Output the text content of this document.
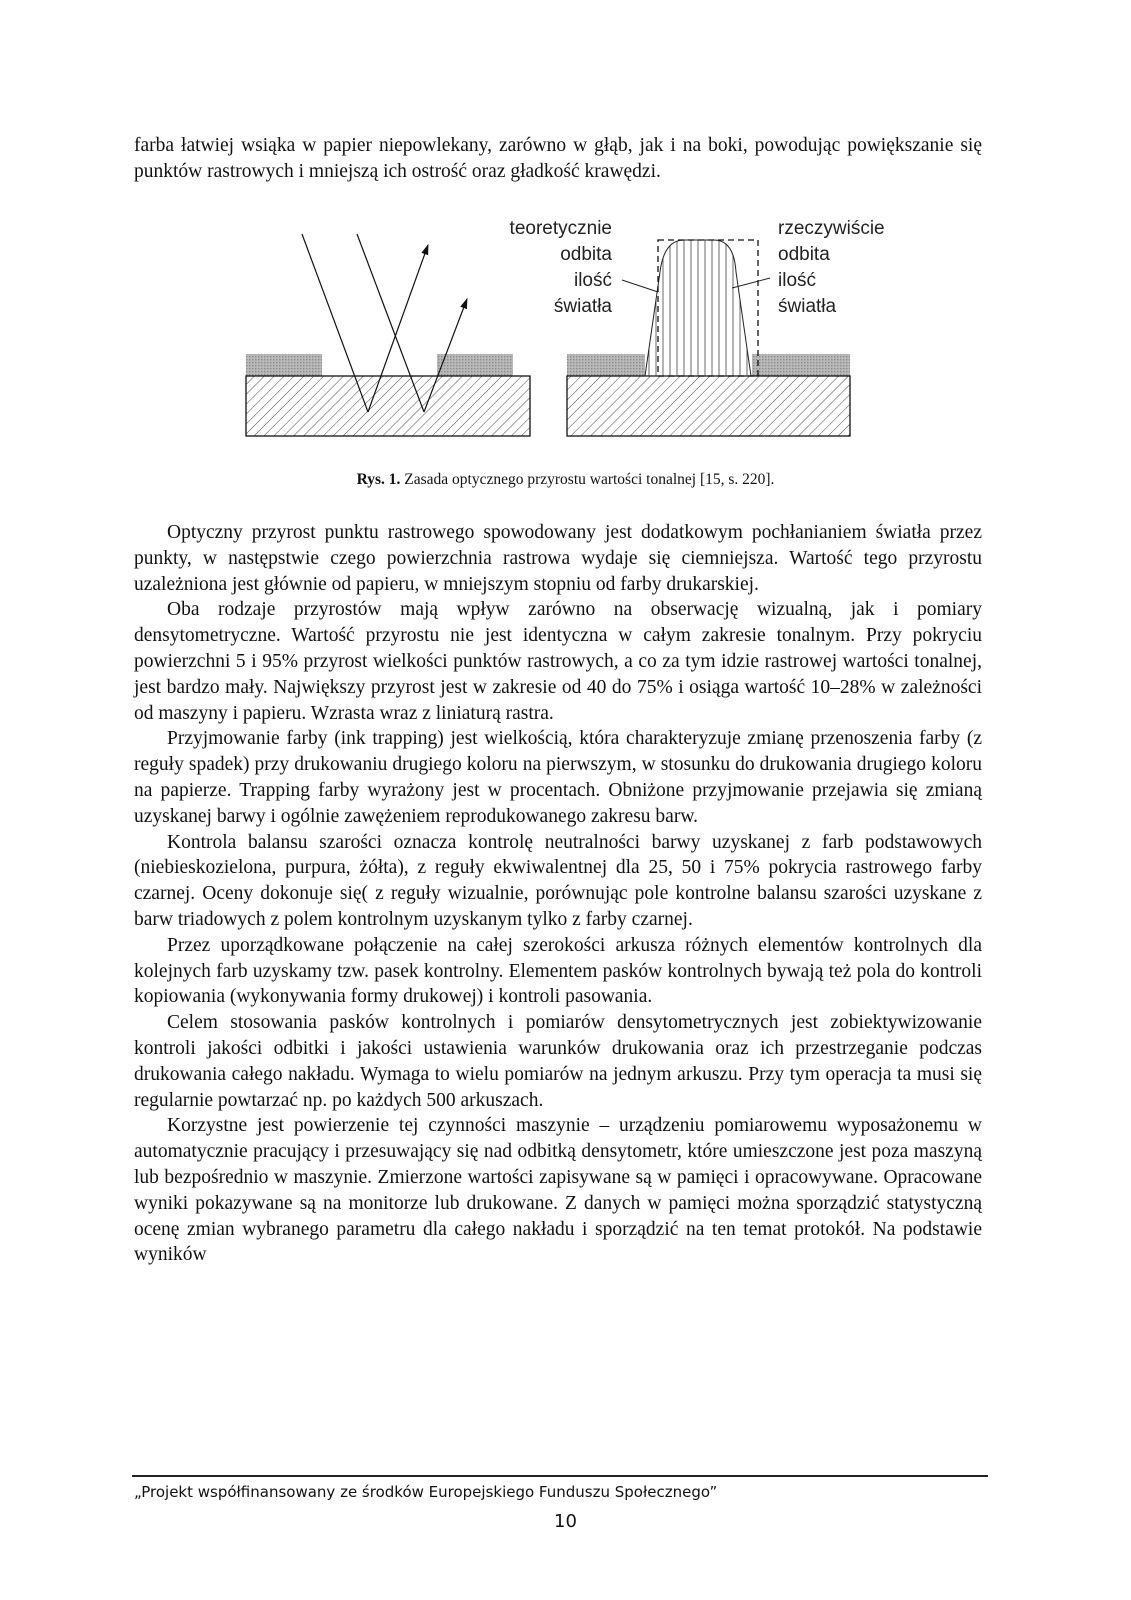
farba łatwiej wsiąka w papier niepowlekany, zarówno w głąb, jak i na boki, powodując powiększanie się punktów rastrowych i mniejszą ich ostrość oraz gładkość krawędzi.

teoretycznie
odbita
ilość
światła
rzeczywiście
odbita
ilość
światła
Rys. 1. Zasada optycznego przyrostu wartości tonalnej [15, s. 220].

Optyczny przyrost punktu rastrowego spowodowany jest dodatkowym pochłanianiem światła przez punkty, w następstwie czego powierzchnia rastrowa wydaje się ciemniejsza. Wartość tego przyrostu uzależniona jest głównie od papieru, w mniejszym stopniu od farby drukarskiej.

Oba rodzaje przyrostów mają wpływ zarówno na obserwację wizualną, jak i pomiary densytometryczne. Wartość przyrostu nie jest identyczna w całym zakresie tonalnym. Przy pokryciu powierzchni 5 i 95% przyrost wielkości punktów rastrowych, a co za tym idzie rastrowej wartości tonalnej, jest bardzo mały. Największy przyrost jest w zakresie od 40 do 75% i osiąga wartość 10–28% w zależności od maszyny i papieru. Wzrasta wraz z liniaturą rastra.

Przyjmowanie farby (ink trapping) jest wielkością, która charakteryzuje zmianę przenoszenia farby (z reguły spadek) przy drukowaniu drugiego koloru na pierwszym, w stosunku do drukowania drugiego koloru na papierze. Trapping farby wyrażony jest w procentach. Obniżone przyjmowanie przejawia się zmianą uzyskanej barwy i ogólnie zawężeniem reprodukowanego zakresu barw.

Kontrola balansu szarości oznacza kontrolę neutralności barwy uzyskanej z farb podstawowych (niebieskozielona, purpura, żółta), z reguły ekwiwalentnej dla 25, 50 i 75% pokrycia rastrowego farby czarnej. Oceny dokonuje się( z reguły wizualnie, porównując pole kontrolne balansu szarości uzyskane z barw triadowych z polem kontrolnym uzyskanym tylko z farby czarnej.

Przez uporządkowane połączenie na całej szerokości arkusza różnych elementów kontrolnych dla kolejnych farb uzyskamy tzw. pasek kontrolny. Elementem pasków kontrolnych bywają też pola do kontroli kopiowania (wykonywania formy drukowej) i kontroli pasowania.

Celem stosowania pasków kontrolnych i pomiarów densytometrycznych jest zobiektywizowanie kontroli jakości odbitki i jakości ustawienia warunków drukowania oraz ich przestrzeganie podczas drukowania całego nakładu. Wymaga to wielu pomiarów na jednym arkuszu. Przy tym operacja ta musi się regularnie powtarzać np. po każdych 500 arkuszach.

Korzystne jest powierzenie tej czynności maszynie – urządzeniu pomiarowemu wyposażonemu w automatycznie pracujący i przesuwający się nad odbitką densytometr, które umieszczone jest poza maszyną lub bezpośrednio w maszynie. Zmierzone wartości zapisywane są w pamięci i opracowywane. Opracowane wyniki pokazywane są na monitorze lub drukowane. Z danych w pamięci można sporządzić statystyczną ocenę zmian wybranego parametru dla całego nakładu i sporządzić na ten temat protokół. Na podstawie wyników

„Projekt współfinansowany ze środków Europejskiego Funduszu Społecznego”
10
